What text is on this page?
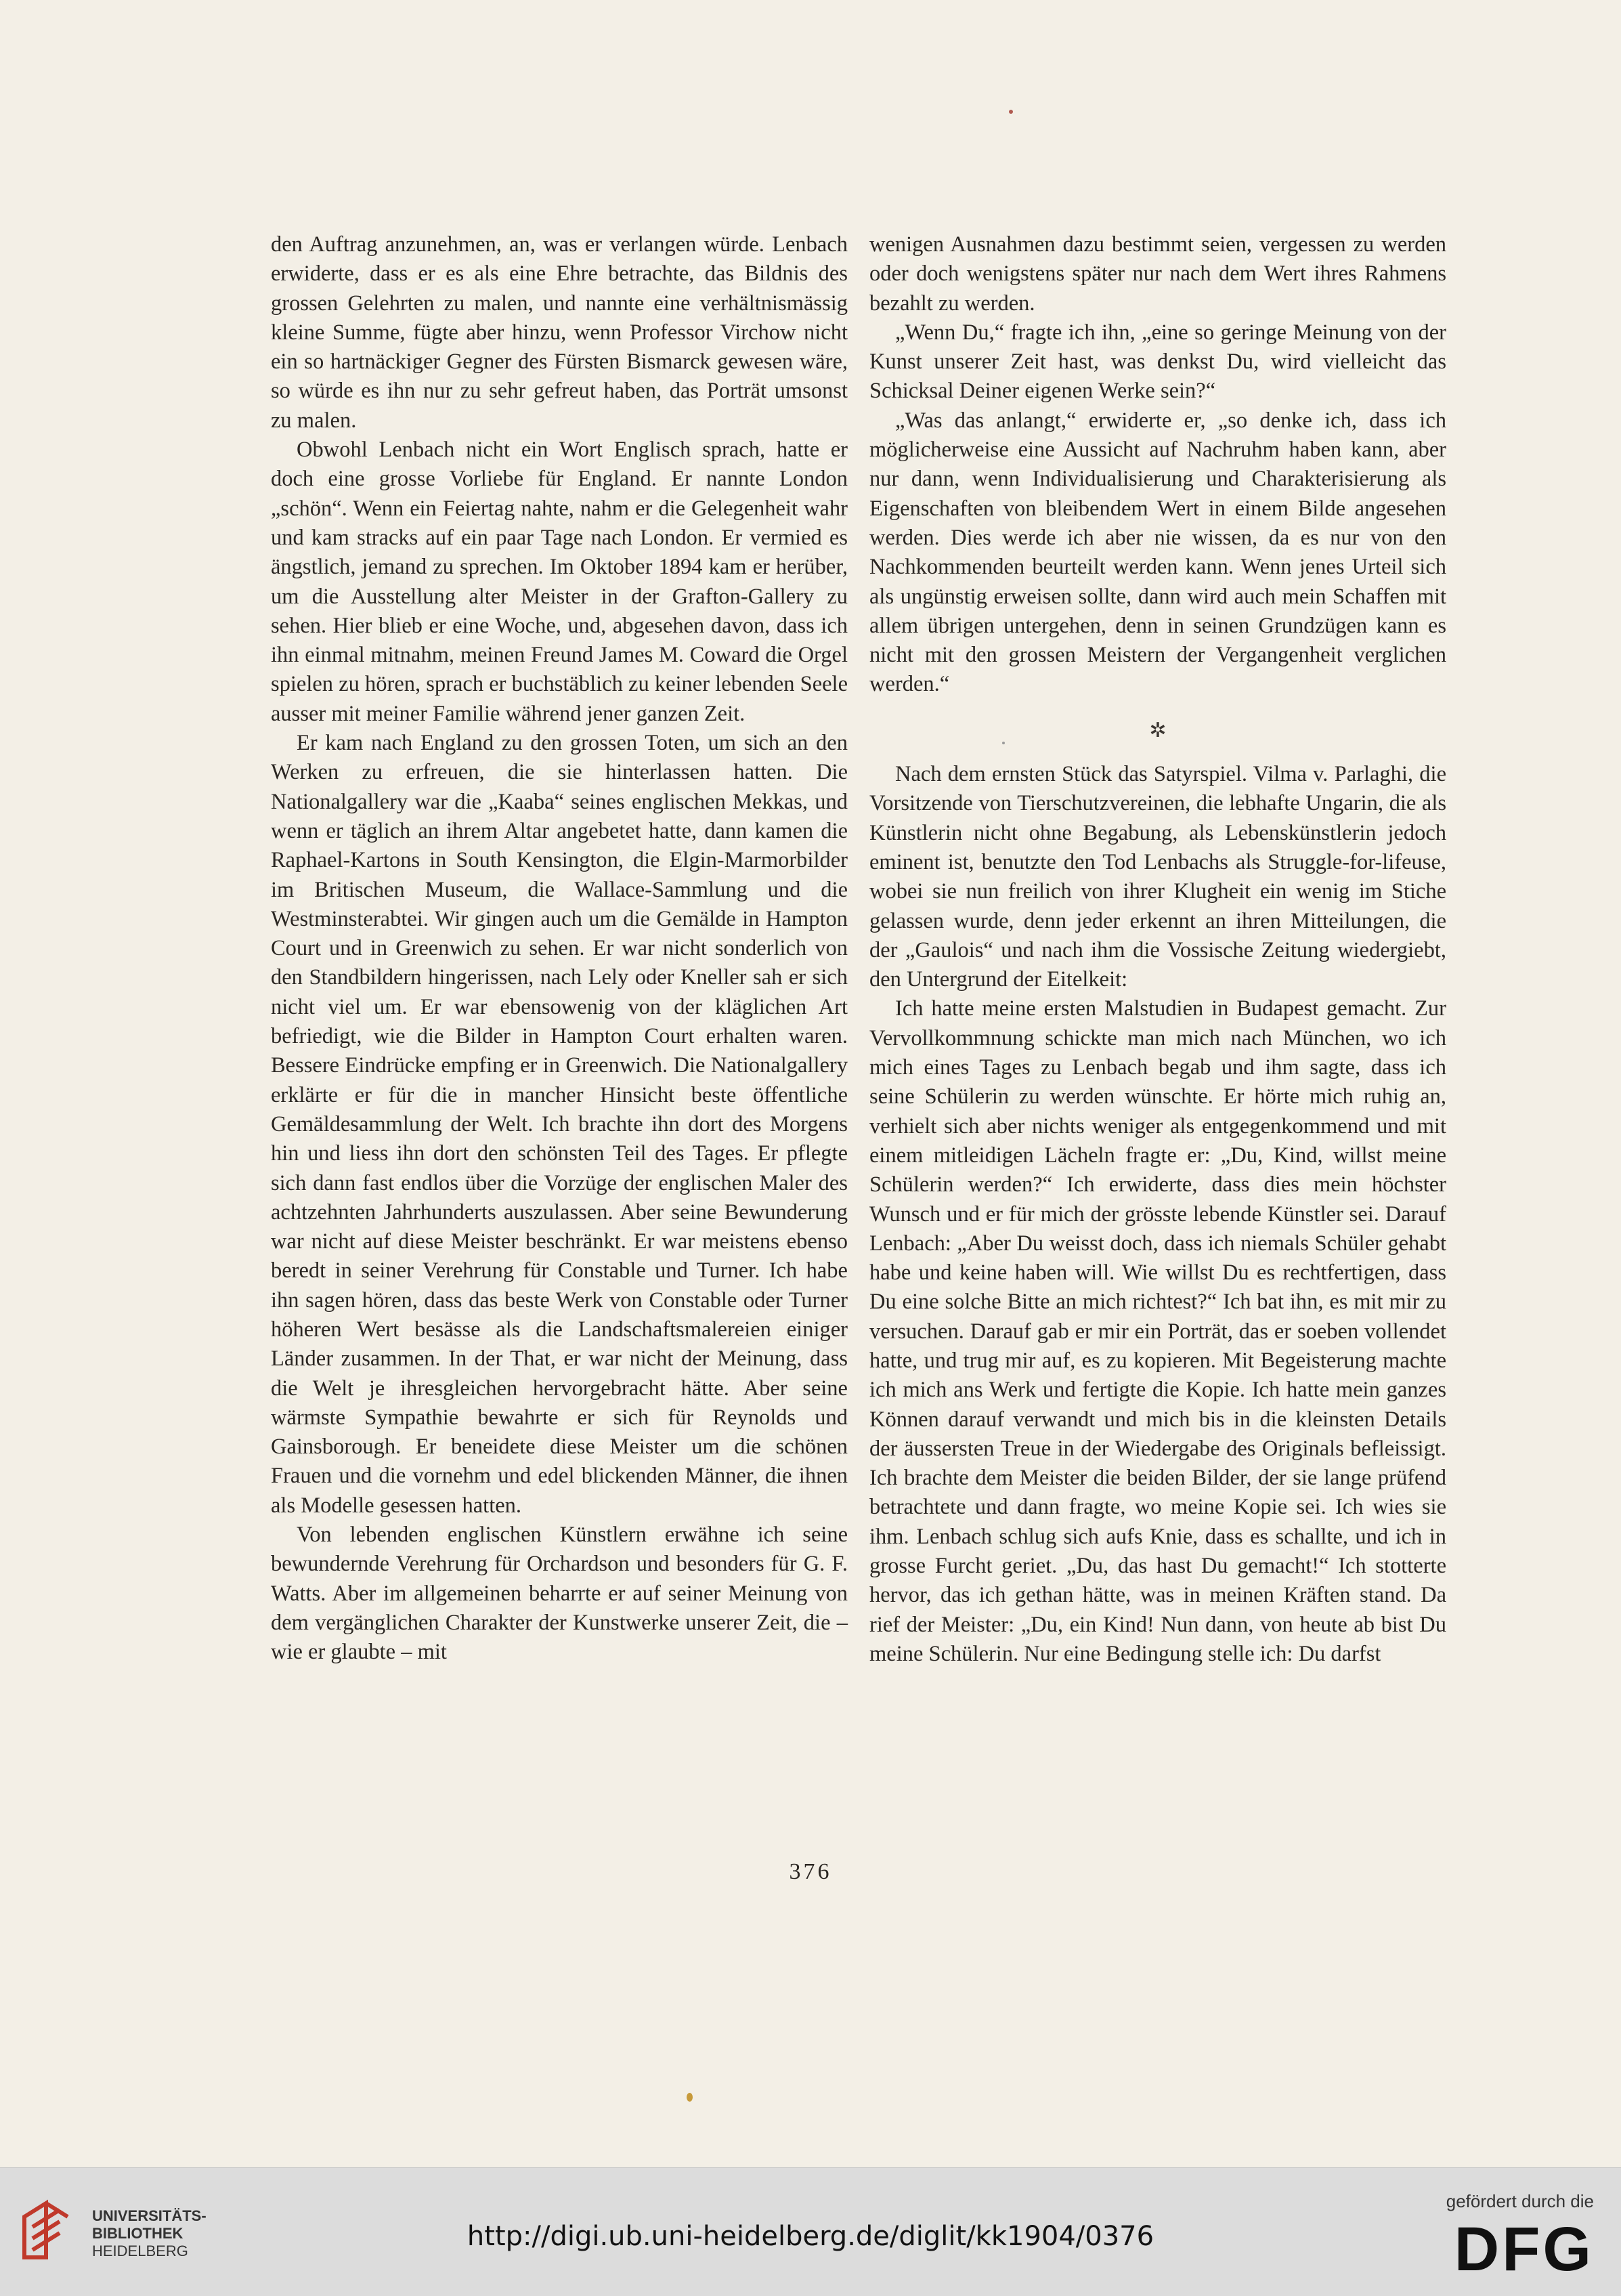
den Auftrag anzunehmen, an, was er verlangen würde. Lenbach erwiderte, dass er es als eine Ehre betrachte, das Bildnis des grossen Gelehrten zu malen, und nannte eine verhältnismässig kleine Summe, fügte aber hinzu, wenn Professor Virchow nicht ein so hartnäckiger Gegner des Fürsten Bismarck gewesen wäre, so würde es ihn nur zu sehr gefreut haben, das Porträt umsonst zu malen.

Obwohl Lenbach nicht ein Wort Englisch sprach, hatte er doch eine grosse Vorliebe für England. Er nannte London „schön“. Wenn ein Feiertag nahte, nahm er die Gelegenheit wahr und kam stracks auf ein paar Tage nach London. Er vermied es ängstlich, jemand zu sprechen. Im Oktober 1894 kam er herüber, um die Ausstellung alter Meister in der Grafton-Gallery zu sehen. Hier blieb er eine Woche, und, abgesehen davon, dass ich ihn einmal mitnahm, meinen Freund James M. Coward die Orgel spielen zu hören, sprach er buchstäblich zu keiner lebenden Seele ausser mit meiner Familie während jener ganzen Zeit.

Er kam nach England zu den grossen Toten, um sich an den Werken zu erfreuen, die sie hinterlassen hatten. Die Nationalgallery war die „Kaaba“ seines englischen Mekkas, und wenn er täglich an ihrem Altar angebetet hatte, dann kamen die Raphael-Kartons in South Kensington, die Elgin-Marmorbilder im Britischen Museum, die Wallace-Sammlung und die Westminsterabtei. Wir gingen auch um die Gemälde in Hampton Court und in Greenwich zu sehen. Er war nicht sonderlich von den Standbildern hingerissen, nach Lely oder Kneller sah er sich nicht viel um. Er war ebensowenig von der kläglichen Art befriedigt, wie die Bilder in Hampton Court erhalten waren. Bessere Eindrücke empfing er in Greenwich. Die Nationalgallery erklärte er für die in mancher Hinsicht beste öffentliche Gemäldesammlung der Welt. Ich brachte ihn dort des Morgens hin und liess ihn dort den schönsten Teil des Tages. Er pflegte sich dann fast endlos über die Vorzüge der englischen Maler des achtzehnten Jahrhunderts auszulassen. Aber seine Bewunderung war nicht auf diese Meister beschränkt. Er war meistens ebenso beredt in seiner Verehrung für Constable und Turner. Ich habe ihn sagen hören, dass das beste Werk von Constable oder Turner höheren Wert besässe als die Landschaftsmalereien einiger Länder zusammen. In der That, er war nicht der Meinung, dass die Welt je ihresgleichen hervorgebracht hätte. Aber seine wärmste Sympathie bewahrte er sich für Reynolds und Gainsborough. Er beneidete diese Meister um die schönen Frauen und die vornehm und edel blickenden Männer, die ihnen als Modelle gesessen hatten.

Von lebenden englischen Künstlern erwähne ich seine bewundernde Verehrung für Orchardson und besonders für G. F. Watts. Aber im allgemeinen beharrte er auf seiner Meinung von dem vergänglichen Charakter der Kunstwerke unserer Zeit, die – wie er glaubte – mit

wenigen Ausnahmen dazu bestimmt seien, vergessen zu werden oder doch wenigstens später nur nach dem Wert ihres Rahmens bezahlt zu werden.

„Wenn Du,“ fragte ich ihn, „eine so geringe Meinung von der Kunst unserer Zeit hast, was denkst Du, wird vielleicht das Schicksal Deiner eigenen Werke sein?“

„Was das anlangt,“ erwiderte er, „so denke ich, dass ich möglicherweise eine Aussicht auf Nachruhm haben kann, aber nur dann, wenn Individualisierung und Charakterisierung als Eigenschaften von bleibendem Wert in einem Bilde angesehen werden. Dies werde ich aber nie wissen, da es nur von den Nachkommenden beurteilt werden kann. Wenn jenes Urteil sich als ungünstig erweisen sollte, dann wird auch mein Schaffen mit allem übrigen untergehen, denn in seinen Grundzügen kann es nicht mit den grossen Meistern der Vergangenheit verglichen werden.“

✲

Nach dem ernsten Stück das Satyrspiel. Vilma v. Parlaghi, die Vorsitzende von Tierschutzvereinen, die lebhafte Ungarin, die als Künstlerin nicht ohne Begabung, als Lebenskünstlerin jedoch eminent ist, benutzte den Tod Lenbachs als Struggle-for-lifeuse, wobei sie nun freilich von ihrer Klugheit ein wenig im Stiche gelassen wurde, denn jeder erkennt an ihren Mitteilungen, die der „Gaulois“ und nach ihm die Vossische Zeitung wiedergiebt, den Untergrund der Eitelkeit:

Ich hatte meine ersten Malstudien in Budapest gemacht. Zur Vervollkommnung schickte man mich nach München, wo ich mich eines Tages zu Lenbach begab und ihm sagte, dass ich seine Schülerin zu werden wünschte. Er hörte mich ruhig an, verhielt sich aber nichts weniger als entgegenkommend und mit einem mitleidigen Lächeln fragte er: „Du, Kind, willst meine Schülerin werden?“ Ich erwiderte, dass dies mein höchster Wunsch und er für mich der grösste lebende Künstler sei. Darauf Lenbach: „Aber Du weisst doch, dass ich niemals Schüler gehabt habe und keine haben will. Wie willst Du es rechtfertigen, dass Du eine solche Bitte an mich richtest?“ Ich bat ihn, es mit mir zu versuchen. Darauf gab er mir ein Porträt, das er soeben vollendet hatte, und trug mir auf, es zu kopieren. Mit Begeisterung machte ich mich ans Werk und fertigte die Kopie. Ich hatte mein ganzes Können darauf verwandt und mich bis in die kleinsten Details der äussersten Treue in der Wiedergabe des Originals befleissigt. Ich brachte dem Meister die beiden Bilder, der sie lange prüfend betrachtete und dann fragte, wo meine Kopie sei. Ich wies sie ihm. Lenbach schlug sich aufs Knie, dass es schallte, und ich in grosse Furcht geriet. „Du, das hast Du gemacht!“ Ich stotterte hervor, das ich gethan hätte, was in meinen Kräften stand. Da rief der Meister: „Du, ein Kind! Nun dann, von heute ab bist Du meine Schülerin. Nur eine Bedingung stelle ich: Du darfst

376
UNIVERSITÄTS-
BIBLIOTHEK
HEIDELBERG	http://digi.ub.uni-heidelberg.de/diglit/kk1904/0376
gefördert durch die
DFG
